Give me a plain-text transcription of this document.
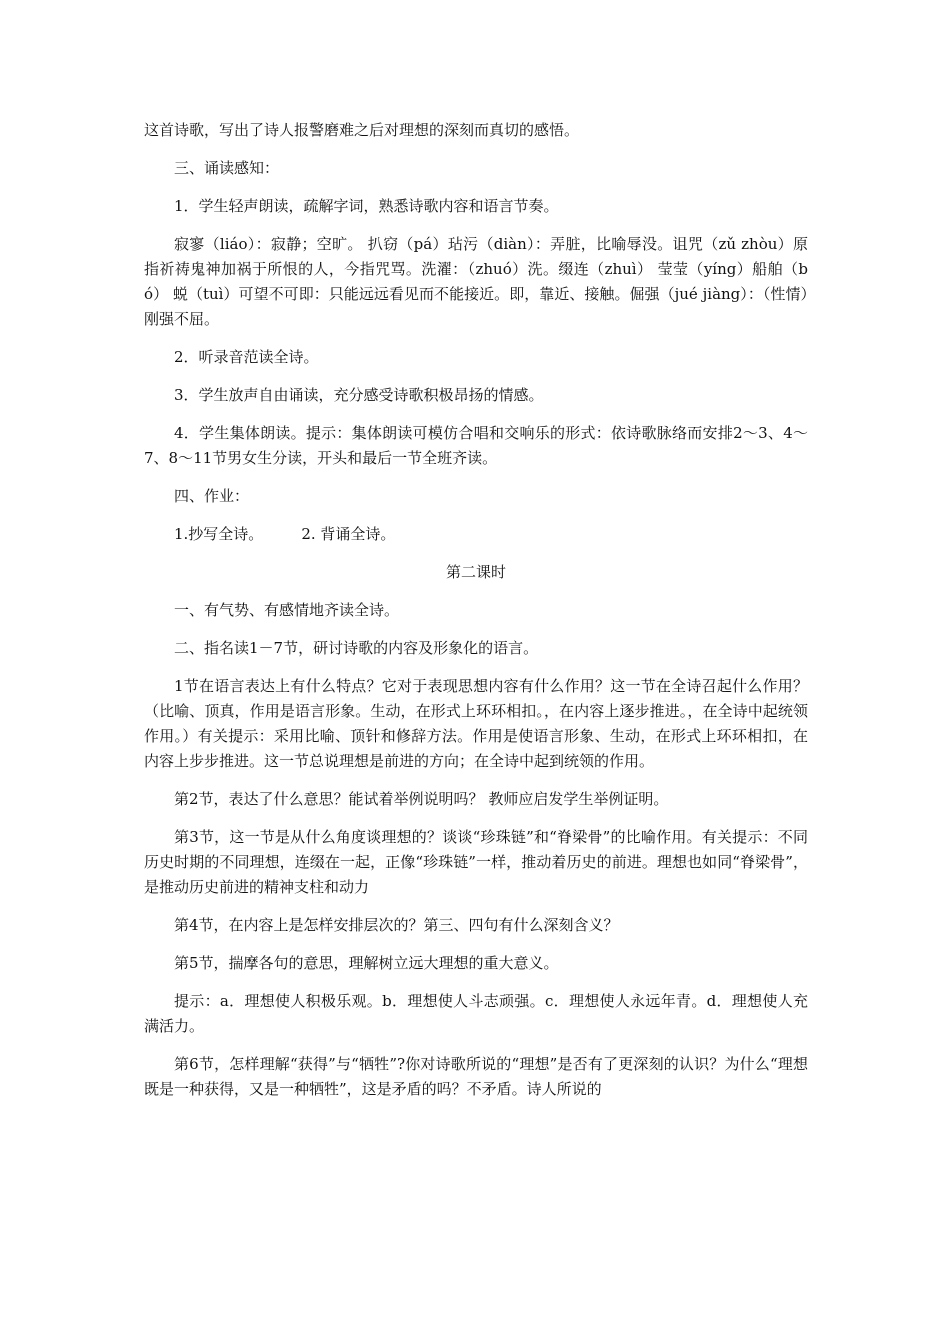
这首诗歌，写出了诗人报警磨难之后对理想的深刻而真切的感悟。

三、诵读感知：

1．学生轻声朗读，疏解字词，熟悉诗歌内容和语言节奏。

寂寥（liáo）：寂静；空旷。 扒窃（pá）玷污（diàn）：弄脏，比喻辱没。诅咒（zǔ zhòu）原指祈祷鬼神加祸于所恨的人，今指咒骂。洗濯：（zhuó）洗。缀连（zhuì） 莹莹（yíng）船舶（bó） 蜕（tuì）可望不可即：只能远远看见而不能接近。即，靠近、接触。倔强（jué jiàng）：（性情）刚强不屈。

2．听录音范读全诗。

3．学生放声自由诵读，充分感受诗歌积极昂扬的情感。

4．学生集体朗读。提示：集体朗读可模仿合唱和交响乐的形式：依诗歌脉络而安排2～3、4～7、8～11节男女生分读，开头和最后一节全班齐读。

四、作业：

1.抄写全诗。	2. 背诵全诗。

第二课时

一、有气势、有感情地齐读全诗。

二、指名读1－7节，研讨诗歌的内容及形象化的语言。

1节在语言表达上有什么特点？它对于表现思想内容有什么作用？这一节在全诗召起什么作用？（比喻、顶真，作用是语言形象。生动，在形式上环环相扣。，在内容上逐步推进。，在全诗中起统领作用。）有关提示：采用比喻、顶针和修辞方法。作用是使语言形象、生动，在形式上环环相扣，在内容上步步推进。这一节总说理想是前进的方向；在全诗中起到统领的作用。

第2节，表达了什么意思？能试着举例说明吗？ 教师应启发学生举例证明。

第3节，这一节是从什么角度谈理想的？谈谈“珍珠链”和“脊梁骨”的比喻作用。有关提示：不同历史时期的不同理想，连缀在一起，正像“珍珠链”一样，推动着历史的前进。理想也如同“脊梁骨”，是推动历史前进的精神支柱和动力

第4节，在内容上是怎样安排层次的？第三、四句有什么深刻含义？

第5节，揣摩各句的意思，理解树立远大理想的重大意义。

提示：a．理想使人积极乐观。b．理想使人斗志顽强。c．理想使人永远年青。d．理想使人充满活力。

第6节，怎样理解“获得”与“牺牲”?你对诗歌所说的“理想”是否有了更深刻的认识？为什么“理想既是一种获得，又是一种牺牲”，这是矛盾的吗？不矛盾。诗人所说的
